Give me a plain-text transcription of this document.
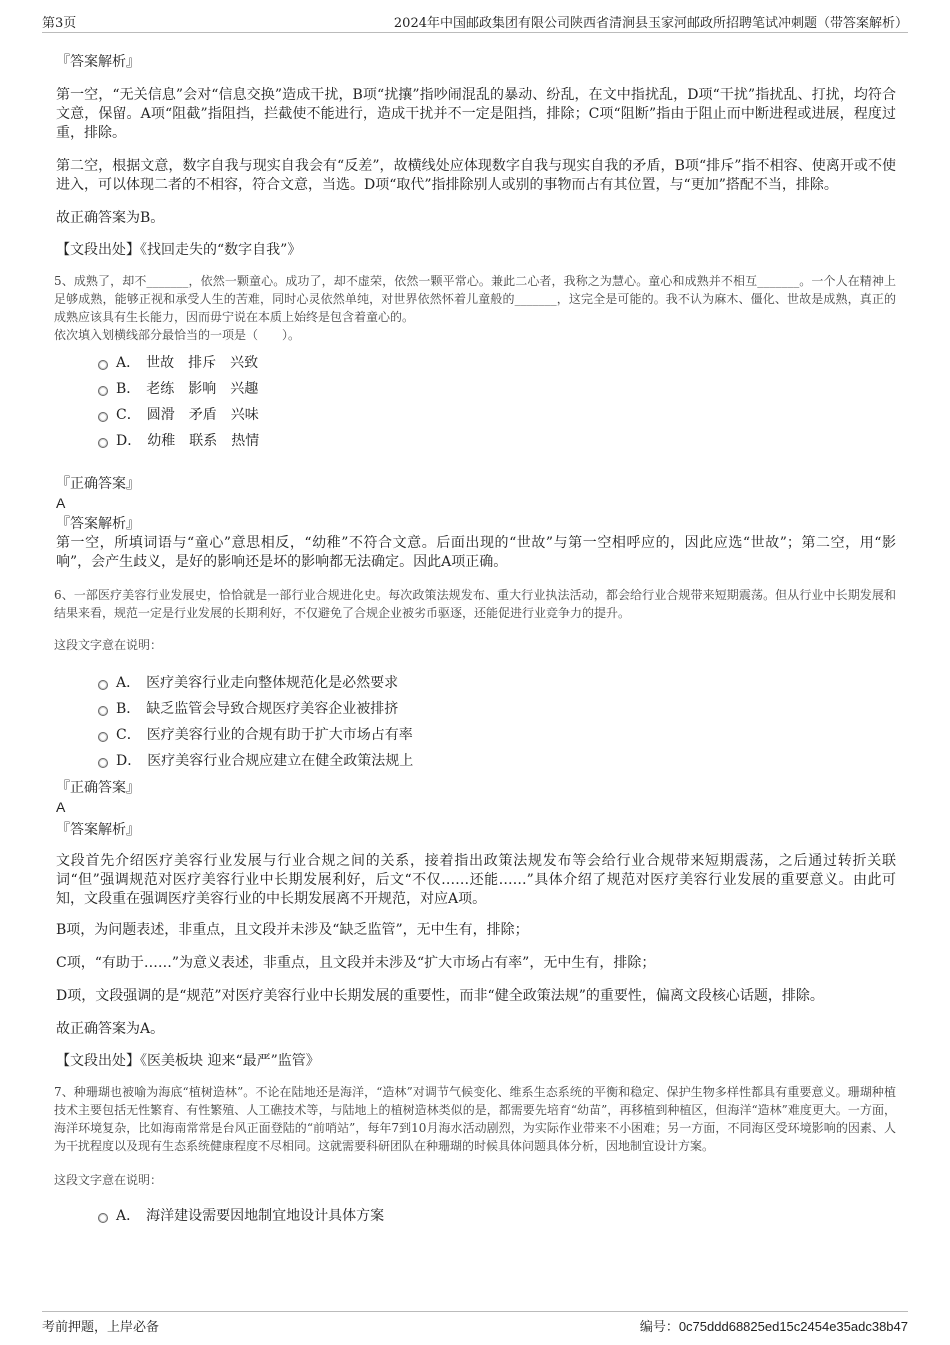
第3页	2024年中国邮政集团有限公司陕西省清涧县玉家河邮政所招聘笔试冲刺题（带答案解析）
『答案解析』
第一空，“无关信息”会对“信息交换”造成干扰，B项“扰攘”指吵闹混乱的暴动、纷乱，在文中指扰乱，D项“干扰”指扰乱、打扰，均符合文意，保留。A项“阻截”指阻挡，拦截使不能进行，造成干扰并不一定是阻挡，排除；C项“阻断”指由于阻止而中断进程或进展，程度过重，排除。
第二空，根据文意，数字自我与现实自我会有“反差”，故横线处应体现数字自我与现实自我的矛盾，B项“排斥”指不相容、使离开或不使进入，可以体现二者的不相容，符合文意，当选。D项“取代”指排除别人或别的事物而占有其位置，与“更加”搭配不当，排除。
故正确答案为B。
【文段出处】《找回走失的“数字自我”》
5、成熟了，却不_______，依然一颗童心。成功了，却不虚荣，依然一颗平常心。兼此二心者，我称之为慧心。童心和成熟并不相互_______。一个人在精神上足够成熟，能够正视和承受人生的苦难，同时心灵依然单纯，对世界依然怀着儿童般的_______，这完全是可能的。我不认为麻木、僵化、世故是成熟，真正的成熟应该具有生长能力，因而毋宁说在本质上始终是包含着童心的。
依次填入划横线部分最恰当的一项是（　　）。
A． 世故　排斥　兴致
B． 老练　影响　兴趣
C． 圆滑　矛盾　兴味
D． 幼稚　联系　热情
『正确答案』
A
『答案解析』
第一空，所填词语与“童心”意思相反，“幼稚”不符合文意。后面出现的“世故”与第一空相呼应的，因此应选“世故”；第二空，用“影响”，会产生歧义，是好的影响还是坏的影响都无法确定。因此A项正确。
6、一部医疗美容行业发展史，恰恰就是一部行业合规进化史。每次政策法规发布、重大行业执法活动，都会给行业合规带来短期震荡。但从行业中长期发展和结果来看，规范一定是行业发展的长期利好，不仅避免了合规企业被劣币驱逐，还能促进行业竞争力的提升。
这段文字意在说明：
A． 医疗美容行业走向整体规范化是必然要求
B． 缺乏监管会导致合规医疗美容企业被排挤
C． 医疗美容行业的合规有助于扩大市场占有率
D． 医疗美容行业合规应建立在健全政策法规上
『正确答案』
A
『答案解析』
文段首先介绍医疗美容行业发展与行业合规之间的关系，接着指出政策法规发布等会给行业合规带来短期震荡，之后通过转折关联词“但”强调规范对医疗美容行业中长期发展利好，后文“不仅……还能……”具体介绍了规范对医疗美容行业发展的重要意义。由此可知，文段重在强调医疗美容行业的中长期发展离不开规范，对应A项。
B项，为问题表述，非重点，且文段并未涉及“缺乏监管”，无中生有，排除；
C项，“有助于……”为意义表述，非重点，且文段并未涉及“扩大市场占有率”，无中生有，排除；
D项，文段强调的是“规范”对医疗美容行业中长期发展的重要性，而非“健全政策法规”的重要性，偏离文段核心话题，排除。
故正确答案为A。
【文段出处】《医美板块 迎来“最严”监管》
7、种珊瑚也被喻为海底“植树造林”。不论在陆地还是海洋，“造林”对调节气候变化、维系生态系统的平衡和稳定、保护生物多样性都具有重要意义。珊瑚种植技术主要包括无性繁育、有性繁殖、人工礁技术等，与陆地上的植树造林类似的是，都需要先培育“幼苗”，再移植到种植区，但海洋“造林”难度更大。一方面，海洋环境复杂，比如海南常常是台风正面登陆的“前哨站”，每年7到10月海水活动剧烈，为实际作业带来不小困难；另一方面，不同海区受环境影响的因素、人为干扰程度以及现有生态系统健康程度不尽相同。这就需要科研团队在种珊瑚的时候具体问题具体分析，因地制宜设计方案。
这段文字意在说明：
A． 海洋建设需要因地制宜地设计具体方案
考前押题，上岸必备	编号：0c75ddd68825ed15c2454e35adc38b47
